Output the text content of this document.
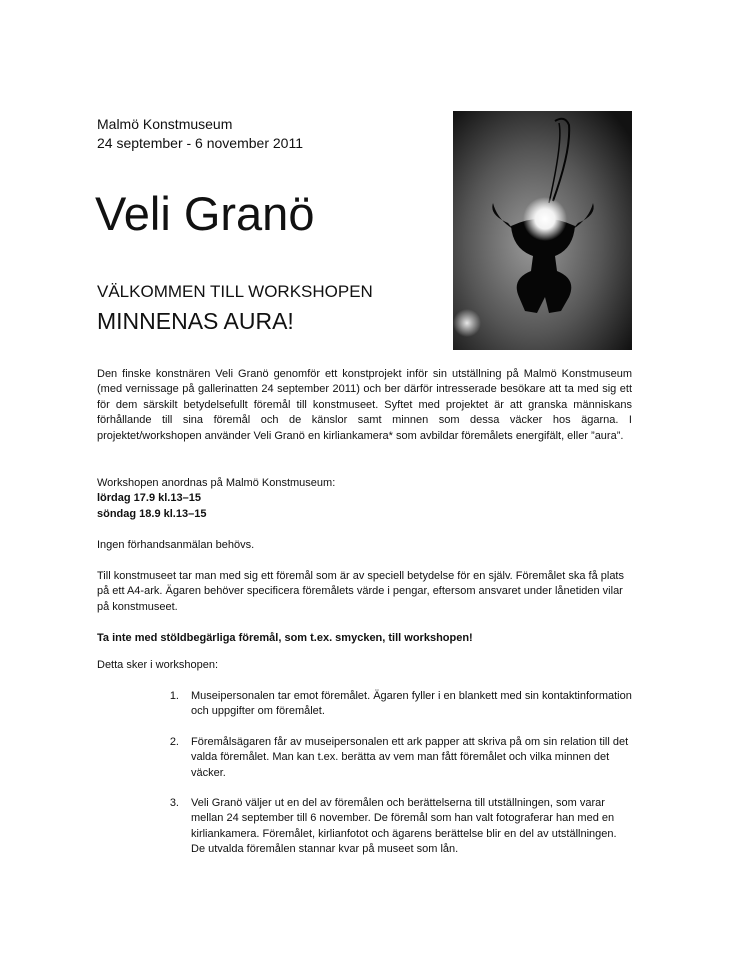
Malmö Konstmuseum
24 september - 6 november 2011
Veli Granö
VÄLKOMMEN TILL WORKSHOPEN
MINNENAS AURA!
Den finske konstnären Veli Granö genomför ett konstprojekt inför sin utställning på Malmö Konstmuseum (med vernissage på gallerinatten 24 september 2011) och ber därför intresserade besökare att ta med sig ett för dem särskilt betydelsefullt föremål till konstmuseet. Syftet med projektet är att granska människans förhållande till sina föremål och de känslor samt minnen som dessa väcker hos ägarna. I projektet/workshopen använder Veli Granö en kirliankamera* som avbildar föremålets energifält, eller ”aura”.
Workshopen anordnas på Malmö Konstmuseum:
lördag 17.9 kl.13–15
söndag 18.9 kl.13–15
Ingen förhandsanmälan behövs.
Till konstmuseet tar man med sig ett föremål som är av speciell betydelse för en själv. Föremålet ska få plats på ett A4-ark. Ägaren behöver specificera föremålets värde i pengar, eftersom ansvaret under lånetiden vilar på konstmuseet.
Ta inte med stöldbegärliga föremål, som t.ex. smycken, till workshopen!
Detta sker i workshopen:
1.	Museipersonalen tar emot föremålet. Ägaren fyller i en blankett med sin kontaktinformation och uppgifter om föremålet.
2.	Föremålsägaren får av museipersonalen ett ark papper att skriva på om sin relation till det valda föremålet. Man kan t.ex. berätta av vem man fått föremålet och vilka minnen det väcker.
3.	Veli Granö väljer ut en del av föremålen och berättelserna till utställningen, som varar mellan 24 september till 6 november. De föremål som han valt fotograferar han med en kirliankamera. Föremålet, kirlianfotot och ägarens berättelse blir en del av utställningen. De utvalda föremålen stannar kvar på museet som lån.
